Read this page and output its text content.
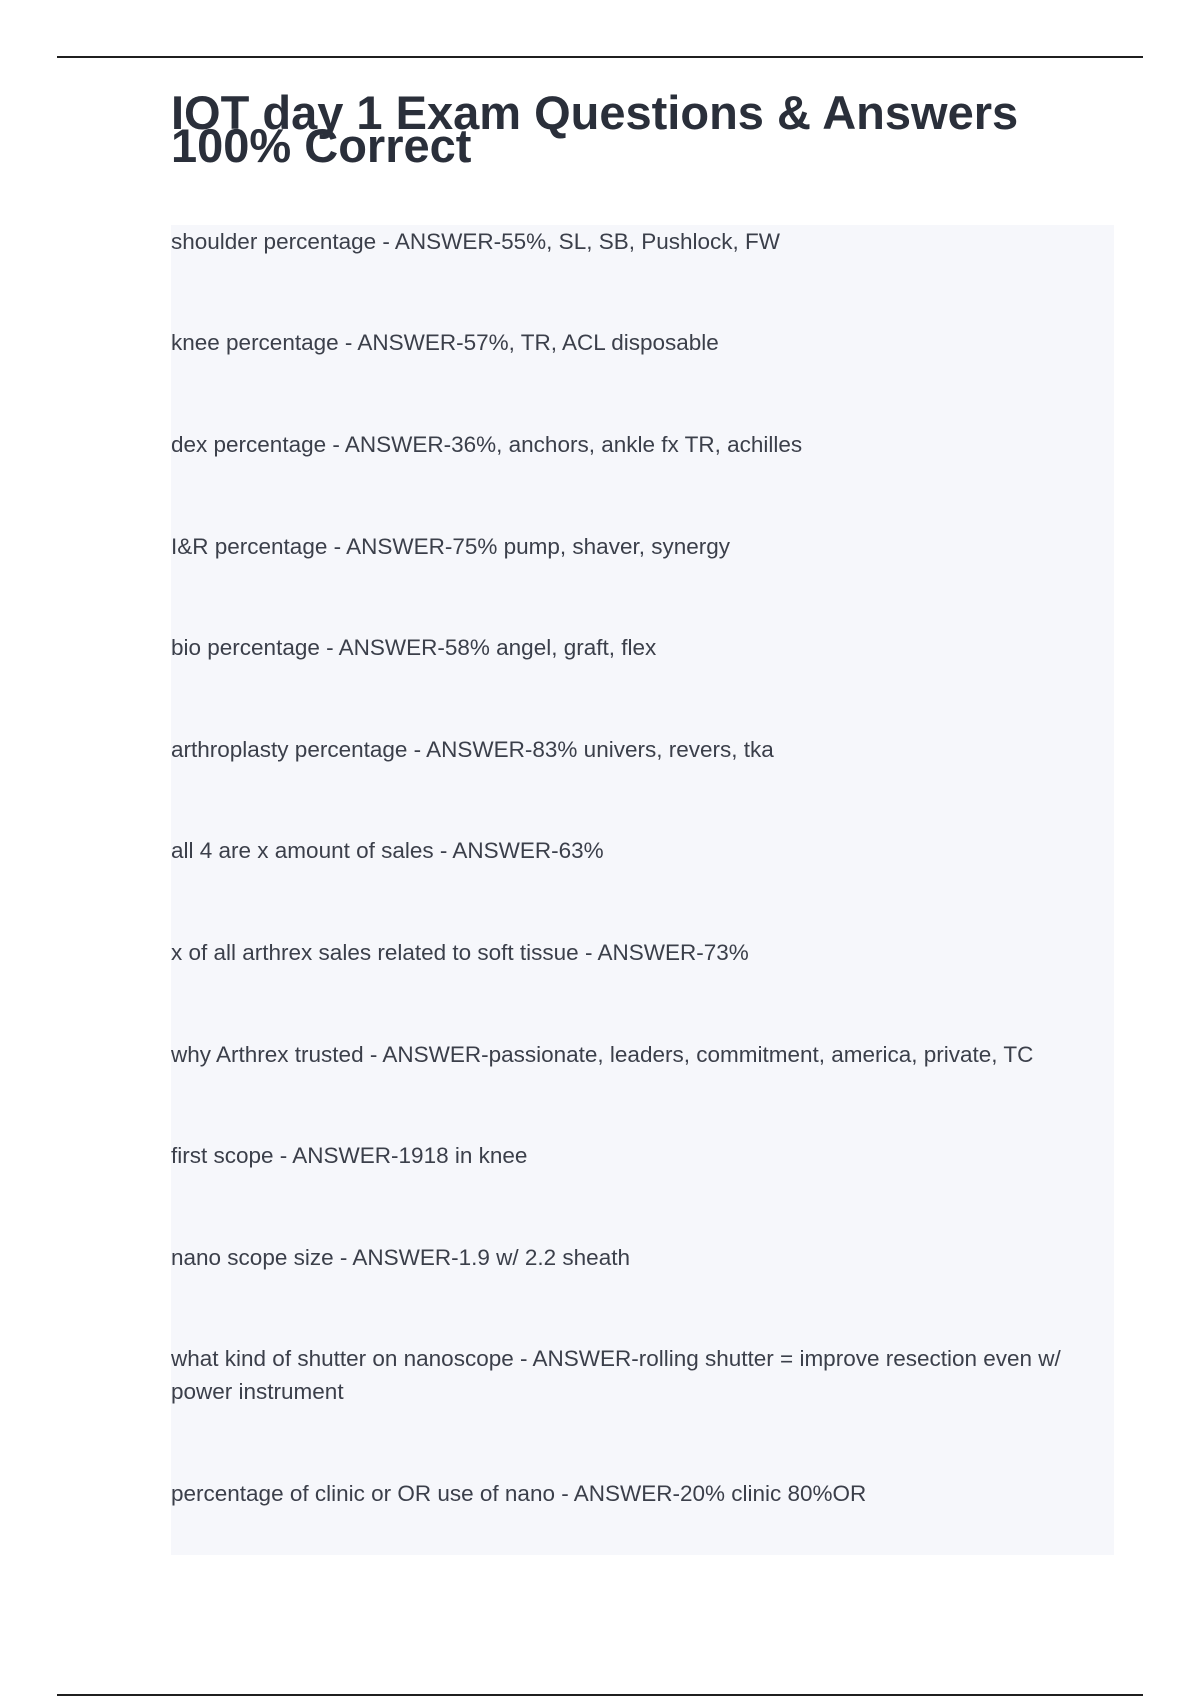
IOT day 1 Exam Questions & Answers 100% Correct

shoulder percentage - ANSWER-55%, SL, SB, Pushlock, FW

knee percentage - ANSWER-57%, TR, ACL disposable

dex percentage - ANSWER-36%, anchors, ankle fx TR, achilles

I&R percentage - ANSWER-75% pump, shaver, synergy

bio percentage - ANSWER-58% angel, graft, flex

arthroplasty percentage - ANSWER-83% univers, revers, tka

all 4 are x amount of sales - ANSWER-63%

x of all arthrex sales related to soft tissue - ANSWER-73%

why Arthrex trusted - ANSWER-passionate, leaders, commitment, america, private, TC

first scope - ANSWER-1918 in knee

nano scope size - ANSWER-1.9 w/ 2.2 sheath

what kind of shutter on nanoscope - ANSWER-rolling shutter = improve resection even w/ power instrument

percentage of clinic or OR use of nano - ANSWER-20% clinic 80%OR
